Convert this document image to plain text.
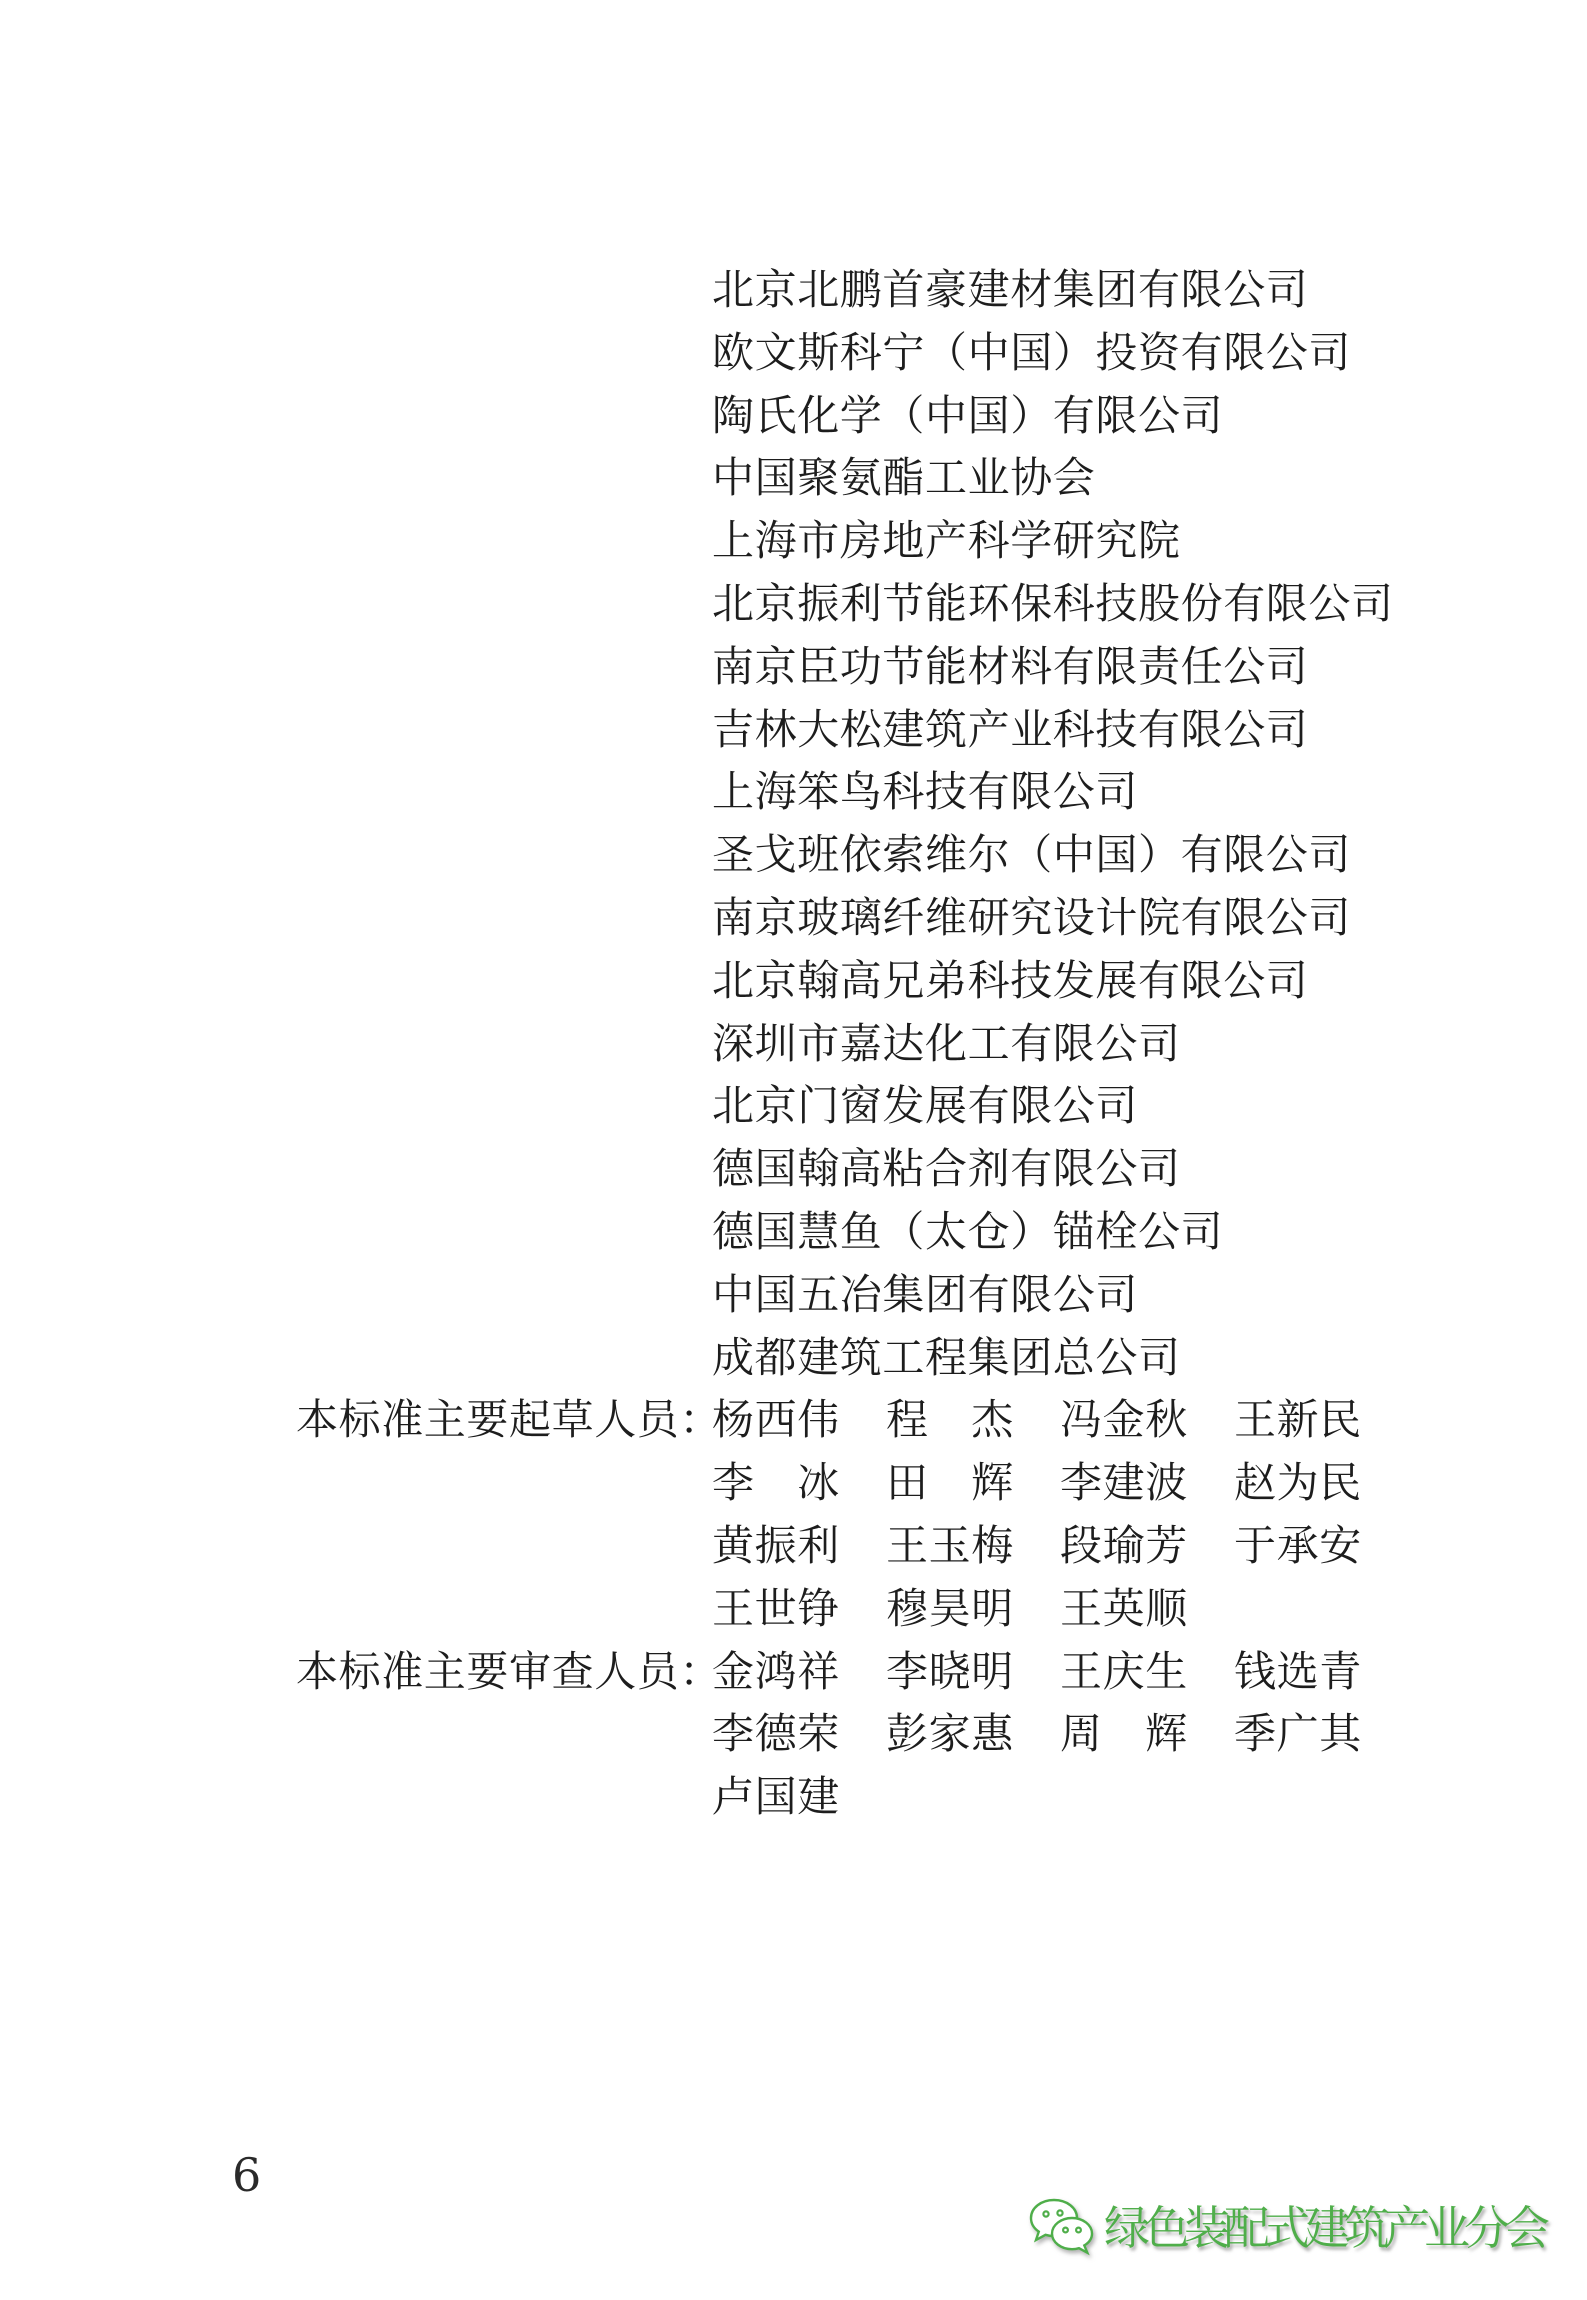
北京北鹏首豪建材集团有限公司
欧文斯科宁（中国）投资有限公司
陶氏化学（中国）有限公司
中国聚氨酯工业协会
上海市房地产科学研究院
北京振利节能环保科技股份有限公司
南京臣功节能材料有限责任公司
吉林大松建筑产业科技有限公司
上海笨鸟科技有限公司
圣戈班依索维尔（中国）有限公司
南京玻璃纤维研究设计院有限公司
北京翰高兄弟科技发展有限公司
深圳市嘉达化工有限公司
北京门窗发展有限公司
德国翰高粘合剂有限公司
德国慧鱼（太仓）锚栓公司
中国五冶集团有限公司
成都建筑工程集团总公司
本标准主要起草人员：杨西伟 程　杰 冯金秋 王新民
李　冰 田　辉 李建波 赵为民
黄振利 王玉梅 段瑜芳 于承安
王世铮 穆昊明 王英顺
本标准主要审查人员：金鸿祥 李晓明 王庆生 钱选青
李德荣 彭家惠 周　辉 季广其
卢国建
6
绿色装配式建筑产业分会
